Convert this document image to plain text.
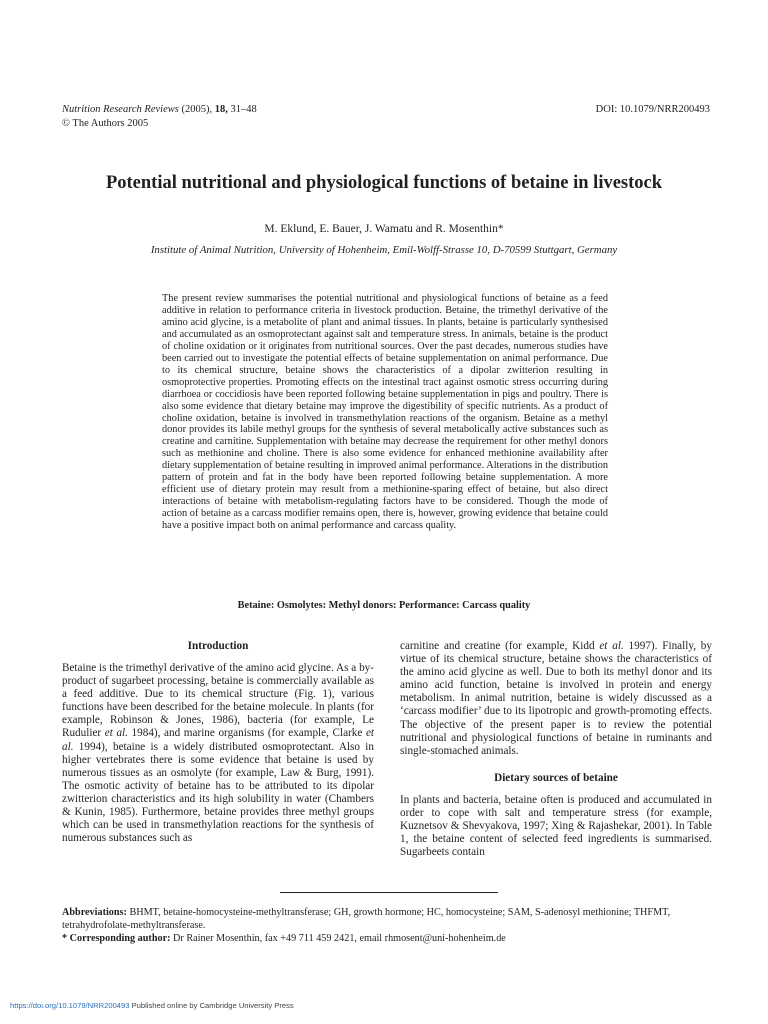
Nutrition Research Reviews (2005), 18, 31–48
© The Authors 2005
DOI: 10.1079/NRR200493
Potential nutritional and physiological functions of betaine in livestock
M. Eklund, E. Bauer, J. Wamatu and R. Mosenthin*
Institute of Animal Nutrition, University of Hohenheim, Emil-Wolff-Strasse 10, D-70599 Stuttgart, Germany
The present review summarises the potential nutritional and physiological functions of betaine as a feed additive in relation to performance criteria in livestock production. Betaine, the trimethyl derivative of the amino acid glycine, is a metabolite of plant and animal tissues. In plants, betaine is particularly synthesised and accumulated as an osmoprotectant against salt and temperature stress. In animals, betaine is the product of choline oxidation or it originates from nutritional sources. Over the past decades, numerous studies have been carried out to investigate the potential effects of betaine supplementation on animal performance. Due to its chemical structure, betaine shows the characteristics of a dipolar zwitterion resulting in osmoprotective properties. Promoting effects on the intestinal tract against osmotic stress occurring during diarrhoea or coccidiosis have been reported following betaine supplementation in pigs and poultry. There is also some evidence that dietary betaine may improve the digestibility of specific nutrients. As a product of choline oxidation, betaine is involved in transmethylation reactions of the organism. Betaine as a methyl donor provides its labile methyl groups for the synthesis of several metabolically active substances such as creatine and carnitine. Supplementation with betaine may decrease the requirement for other methyl donors such as methionine and choline. There is also some evidence for enhanced methionine availability after dietary supplementation of betaine resulting in improved animal performance. Alterations in the distribution pattern of protein and fat in the body have been reported following betaine supplementation. A more efficient use of dietary protein may result from a methionine-sparing effect of betaine, but also direct interactions of betaine with metabolism-regulating factors have to be considered. Though the mode of action of betaine as a carcass modifier remains open, there is, however, growing evidence that betaine could have a positive impact both on animal performance and carcass quality.
Betaine: Osmolytes: Methyl donors: Performance: Carcass quality
Introduction

Betaine is the trimethyl derivative of the amino acid glycine. As a by-product of sugarbeet processing, betaine is commercially available as a feed additive. Due to its chemical structure (Fig. 1), various functions have been described for the betaine molecule. In plants (for example, Robinson & Jones, 1986), bacteria (for example, Le Rudulier et al. 1984), and marine organisms (for example, Clarke et al. 1994), betaine is a widely distributed osmoprotectant. Also in higher vertebrates there is some evidence that betaine is used by numerous tissues as an osmolyte (for example, Law & Burg, 1991). The osmotic activity of betaine has to be attributed to its dipolar zwitterion characteristics and its high solubility in water (Chambers & Kunin, 1985). Furthermore, betaine provides three methyl groups which can be used in transmethylation reactions for the synthesis of numerous substances such as

carnitine and creatine (for example, Kidd et al. 1997). Finally, by virtue of its chemical structure, betaine shows the characteristics of the amino acid glycine as well. Due to both its methyl donor and its amino acid function, betaine is involved in protein and energy metabolism. In animal nutrition, betaine is widely discussed as a ‘carcass modifier’ due to its lipotropic and growth-promoting effects. The objective of the present paper is to review the potential nutritional and physiological functions of betaine in ruminants and single-stomached animals.

Dietary sources of betaine

In plants and bacteria, betaine often is produced and accumulated in order to cope with salt and temperature stress (for example, Kuznetsov & Shevyakova, 1997; Xing & Rajashekar, 2001). In Table 1, the betaine content of selected feed ingredients is summarised. Sugarbeets contain

Abbreviations: BHMT, betaine-homocysteine-methyltransferase; GH, growth hormone; HC, homocysteine; SAM, S-adenosyl methionine; THFMT, tetrahydrofolate-methyltransferase.

* Corresponding author: Dr Rainer Mosenthin, fax +49 711 459 2421, email rhmosent@uni-hohenheim.de

https://doi.org/10.1079/NRR200493 Published online by Cambridge University Press
